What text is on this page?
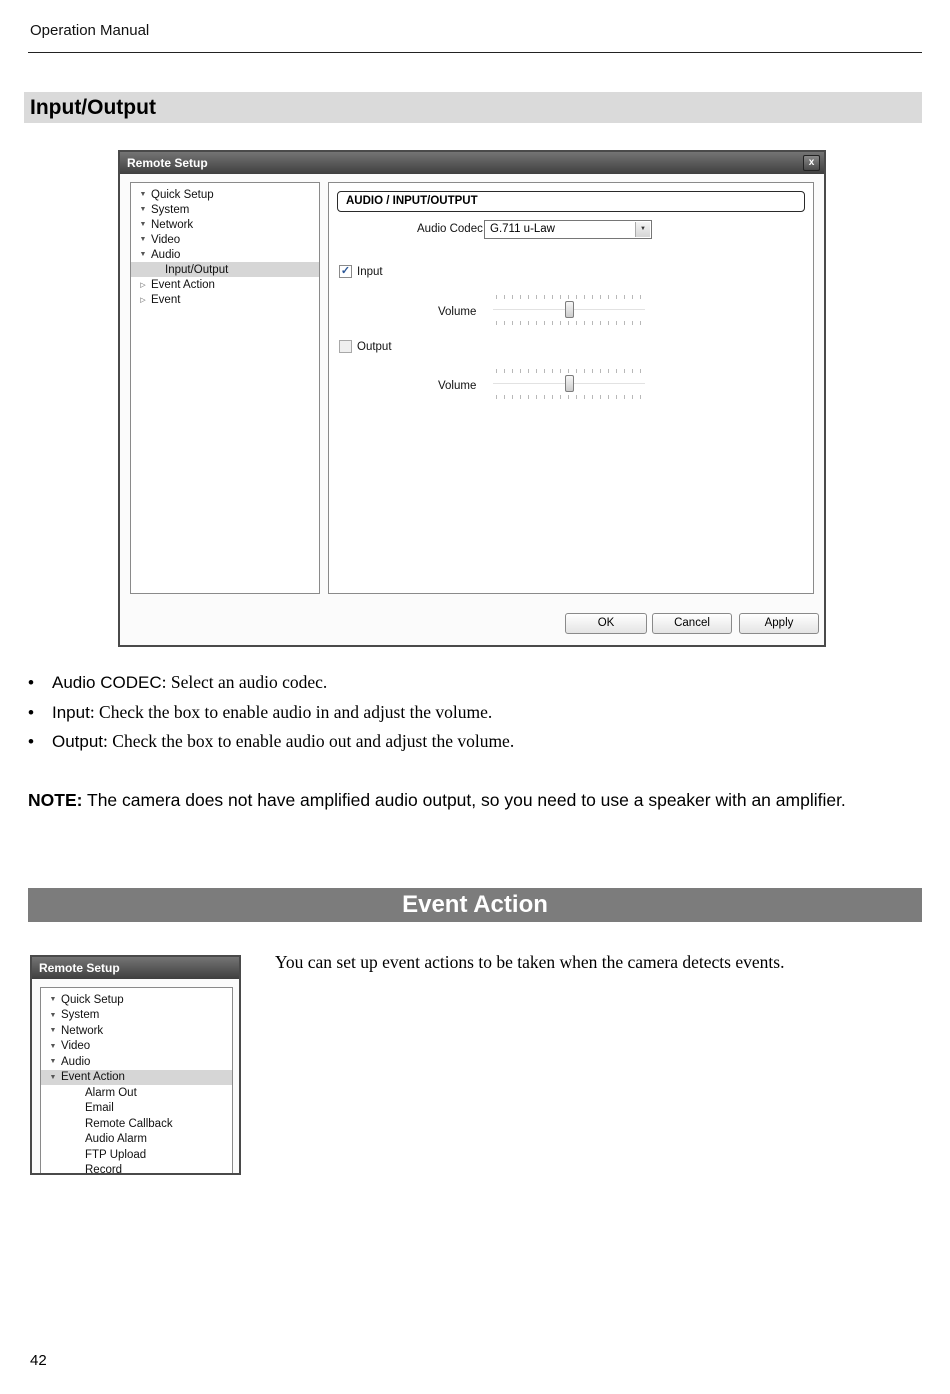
Operation Manual
Input/Output
Remote Setup	x
▼ Quick Setup
▼ System
▼ Network
▼ Video
▼ Audio
Input/Output
▷ Event Action
▷ Event
AUDIO / INPUT/OUTPUT
Audio Codec G.711 u-Law	▼
✓ Input
Volume
Output
Volume
OK	Cancel	Apply
•	Audio CODEC: Select an audio codec.
•	Input: Check the box to enable audio in and adjust the volume.
•	Output: Check the box to enable audio out and adjust the volume.
NOTE: The camera does not have amplified audio output, so you need to use a speaker with an amplifier.
Event Action
You can set up event actions to be taken when the camera detects events.
Remote Setup
▼ Quick Setup
▼ System
▼ Network
▼ Video
▼ Audio
▼ Event Action
Alarm Out
Email
Remote Callback
Audio Alarm
FTP Upload
Record
42
